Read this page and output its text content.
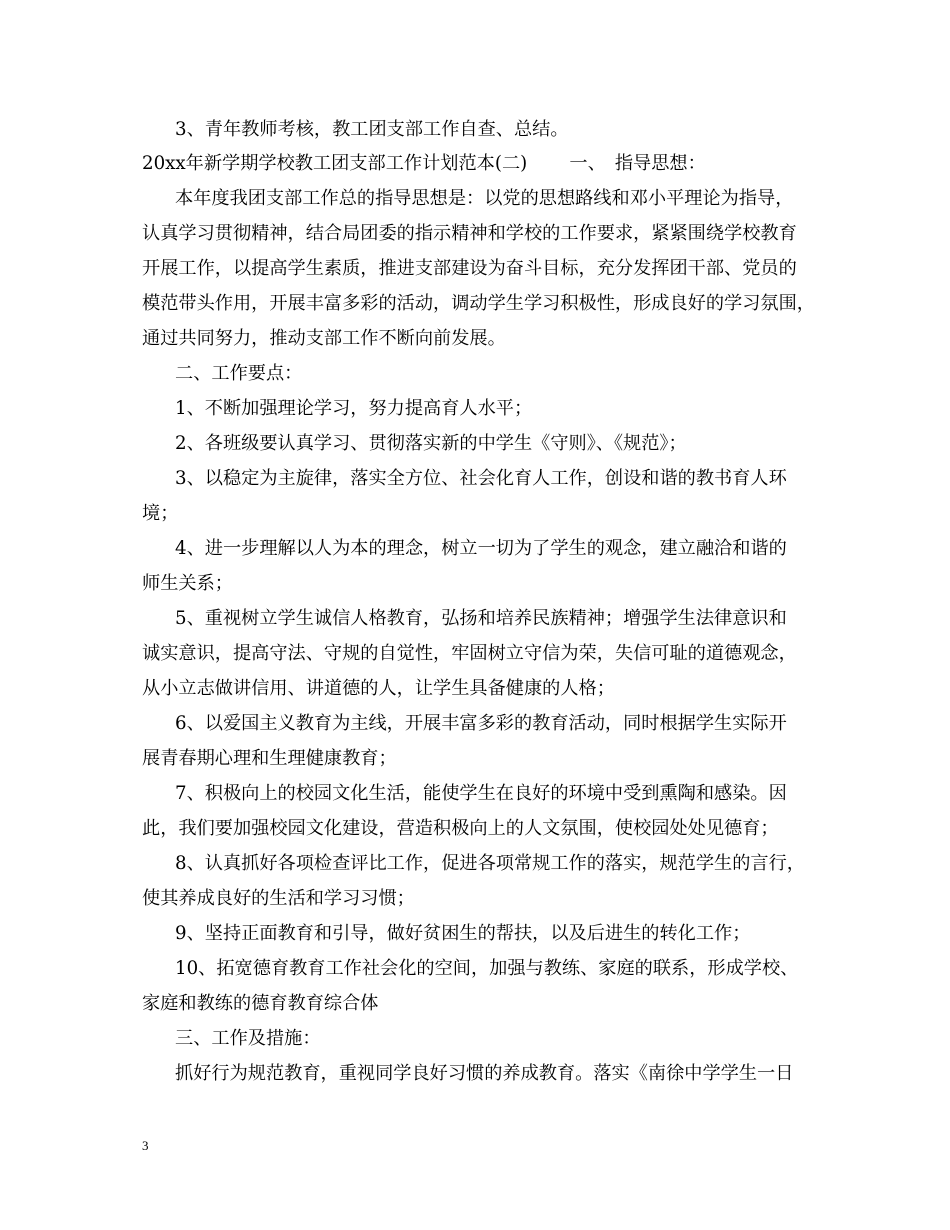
3、青年教师考核，教工团支部工作自查、总结。
20xx年新学期学校教工团支部工作计划范本(二)　　 一、　指导思想：
本年度我团支部工作总的指导思想是：以党的思想路线和邓小平理论为指导，
认真学习贯彻精神，结合局团委的指示精神和学校的工作要求，紧紧围绕学校教育
开展工作，以提高学生素质，推进支部建设为奋斗目标，充分发挥团干部、党员的
模范带头作用，开展丰富多彩的活动，调动学生学习积极性，形成良好的学习氛围，
通过共同努力，推动支部工作不断向前发展。
二、工作要点：
1、不断加强理论学习，努力提高育人水平；
2、各班级要认真学习、贯彻落实新的中学生《守则》、《规范》；
3、以稳定为主旋律，落实全方位、社会化育人工作，创设和谐的教书育人环
境；
4、进一步理解以人为本的理念，树立一切为了学生的观念，建立融洽和谐的
师生关系；
5、重视树立学生诚信人格教育，弘扬和培养民族精神；增强学生法律意识和
诚实意识，提高守法、守规的自觉性，牢固树立守信为荣，失信可耻的道德观念，
从小立志做讲信用、讲道德的人，让学生具备健康的人格；
6、以爱国主义教育为主线，开展丰富多彩的教育活动，同时根据学生实际开
展青春期心理和生理健康教育；
7、积极向上的校园文化生活，能使学生在良好的环境中受到熏陶和感染。因
此，我们要加强校园文化建设，营造积极向上的人文氛围，使校园处处见德育；
8、认真抓好各项检查评比工作，促进各项常规工作的落实，规范学生的言行，
使其养成良好的生活和学习习惯；
9、坚持正面教育和引导，做好贫困生的帮扶，以及后进生的转化工作；
10、拓宽德育教育工作社会化的空间，加强与教练、家庭的联系，形成学校、
家庭和教练的德育教育综合体
三、工作及措施：
抓好行为规范教育，重视同学良好习惯的养成教育。落实《南徐中学学生一日
3
